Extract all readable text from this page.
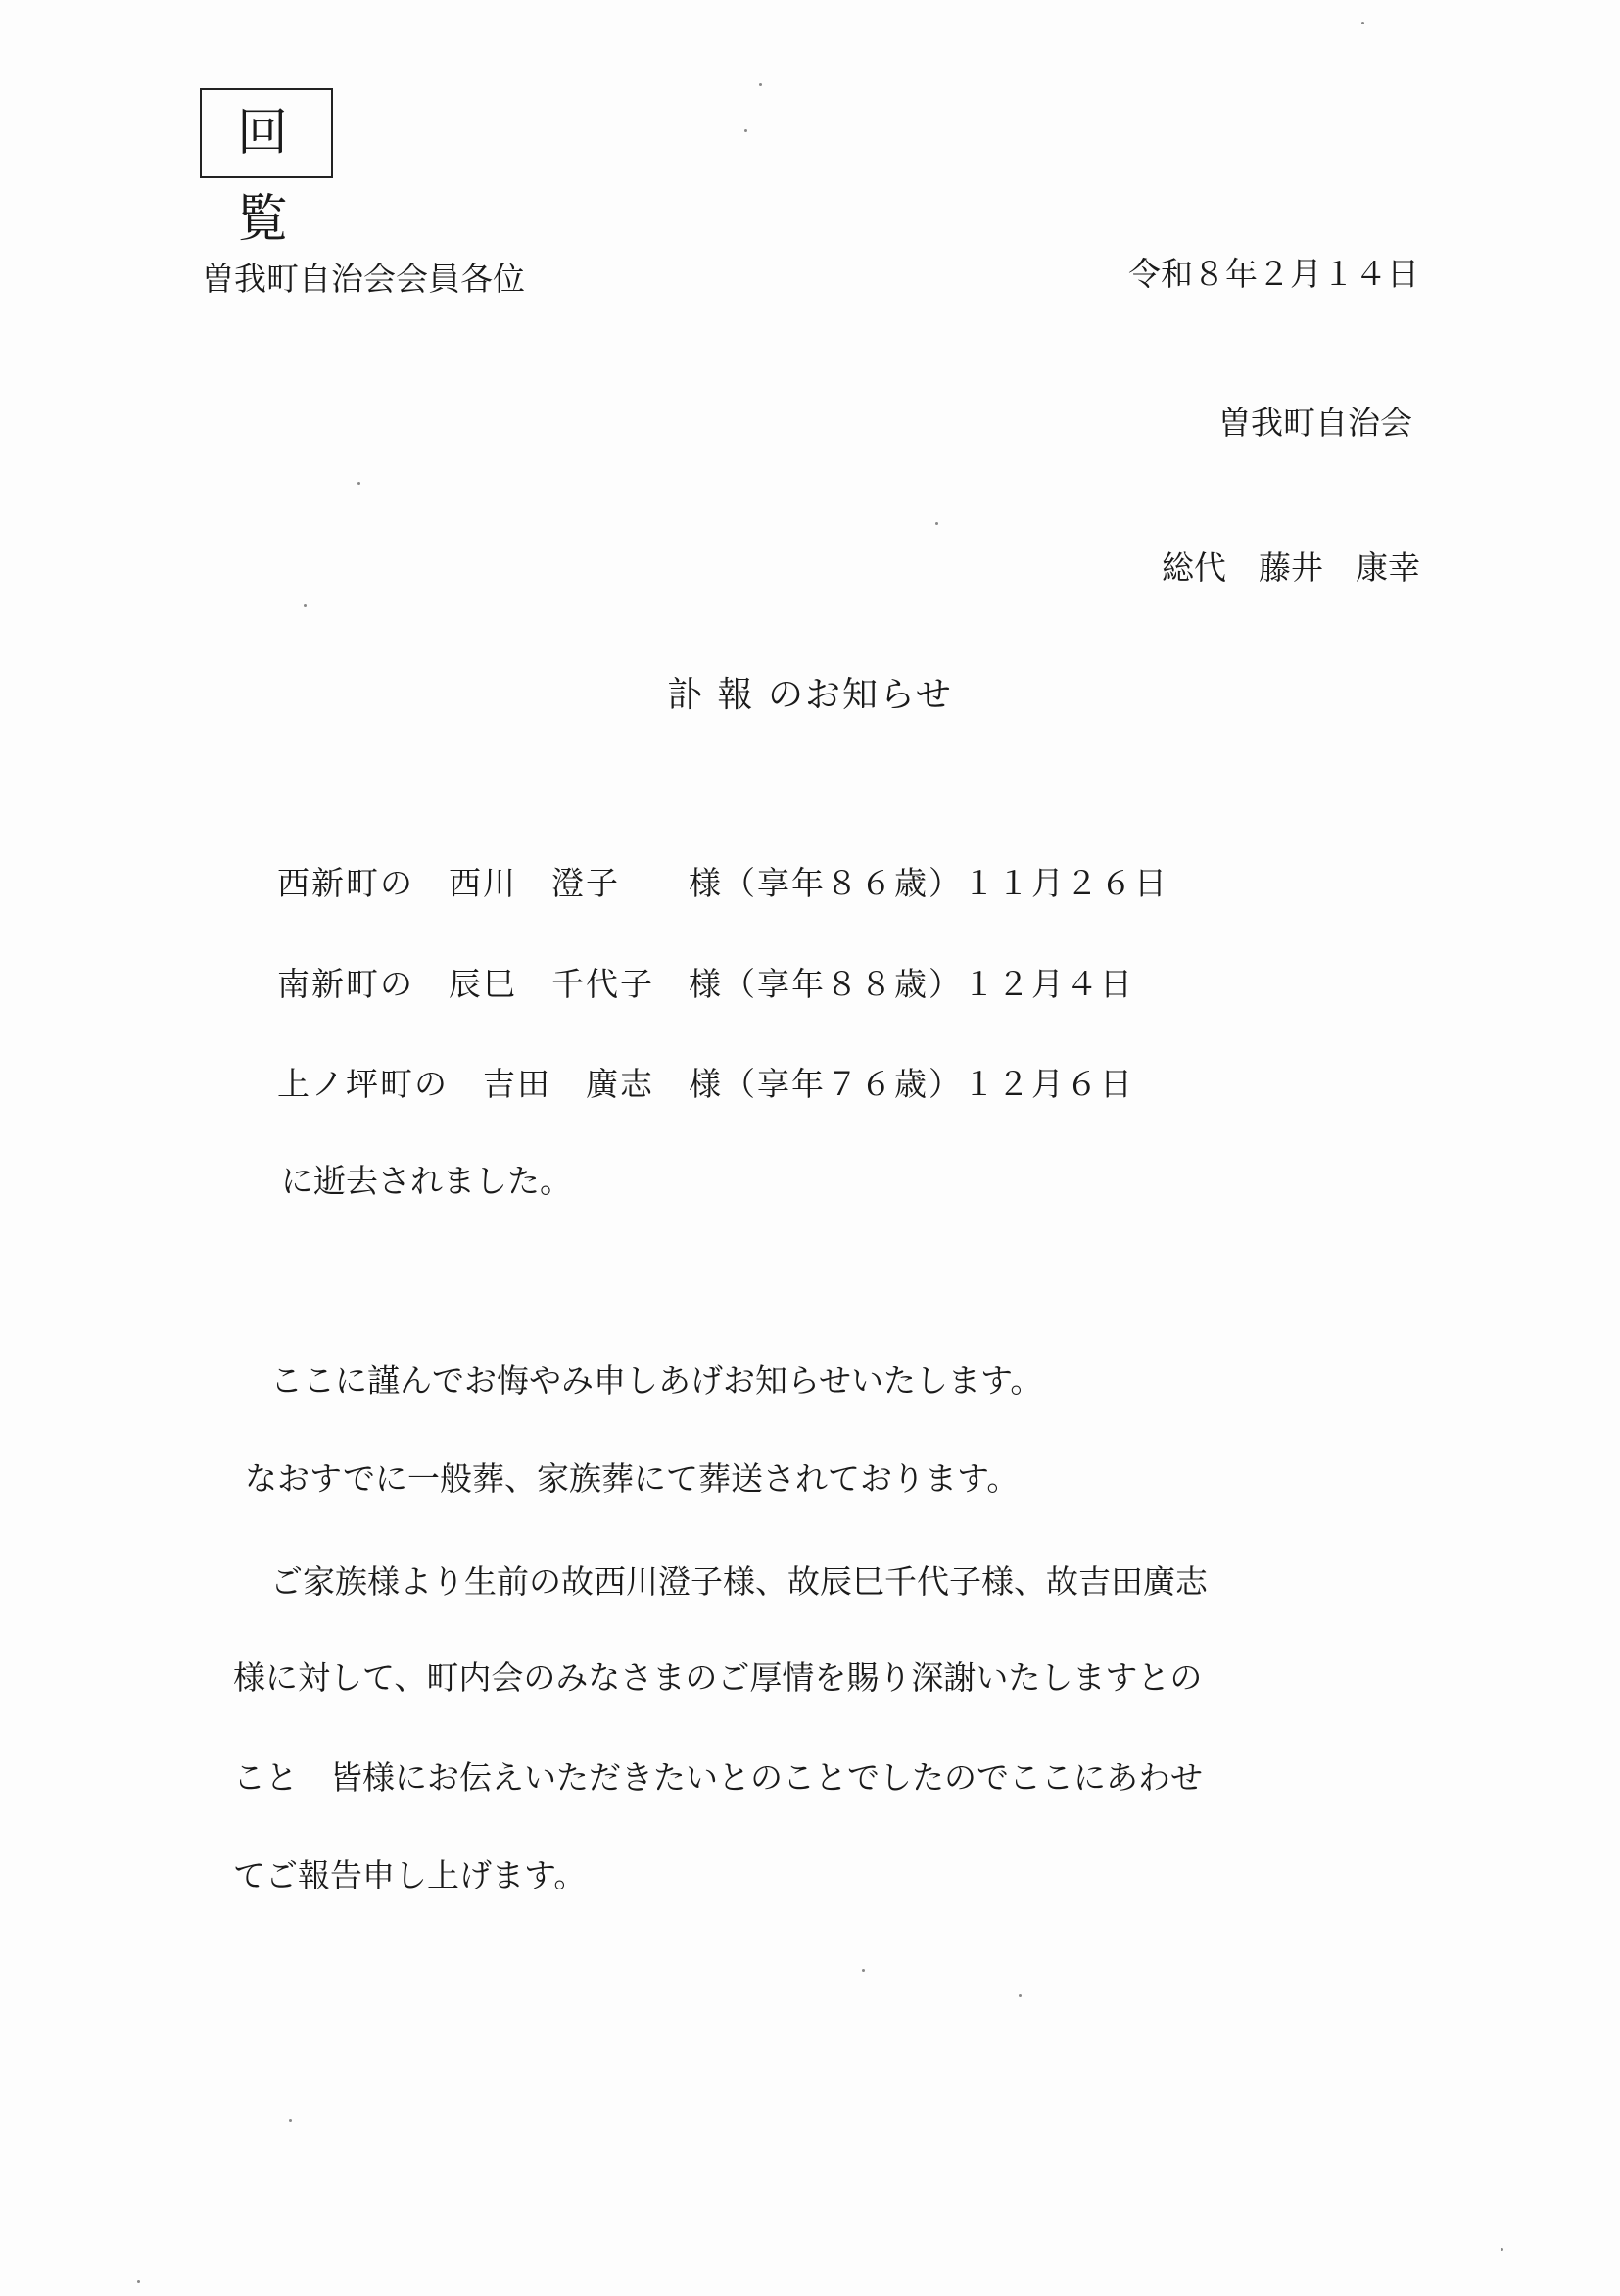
回 覧
曽我町自治会会員各位	令和８年２月１４日
曽我町自治会
総代　藤井　康幸
訃 報 のお知らせ
西新町の　西川　澄子　　様（享年８６歳）１１月２６日
南新町の　辰巳　千代子　様（享年８８歳）１２月４日
上ノ坪町の　吉田　廣志　様（享年７６歳）１２月６日
に逝去されました。
ここに謹んでお悔やみ申しあげお知らせいたします。
なおすでに一般葬、家族葬にて葬送されております。
ご家族様より生前の故西川澄子様、故辰巳千代子様、故吉田廣志
様に対して、町内会のみなさまのご厚情を賜り深謝いたしますとの
こと　皆様にお伝えいただきたいとのことでしたのでここにあわせ
てご報告申し上げます。
